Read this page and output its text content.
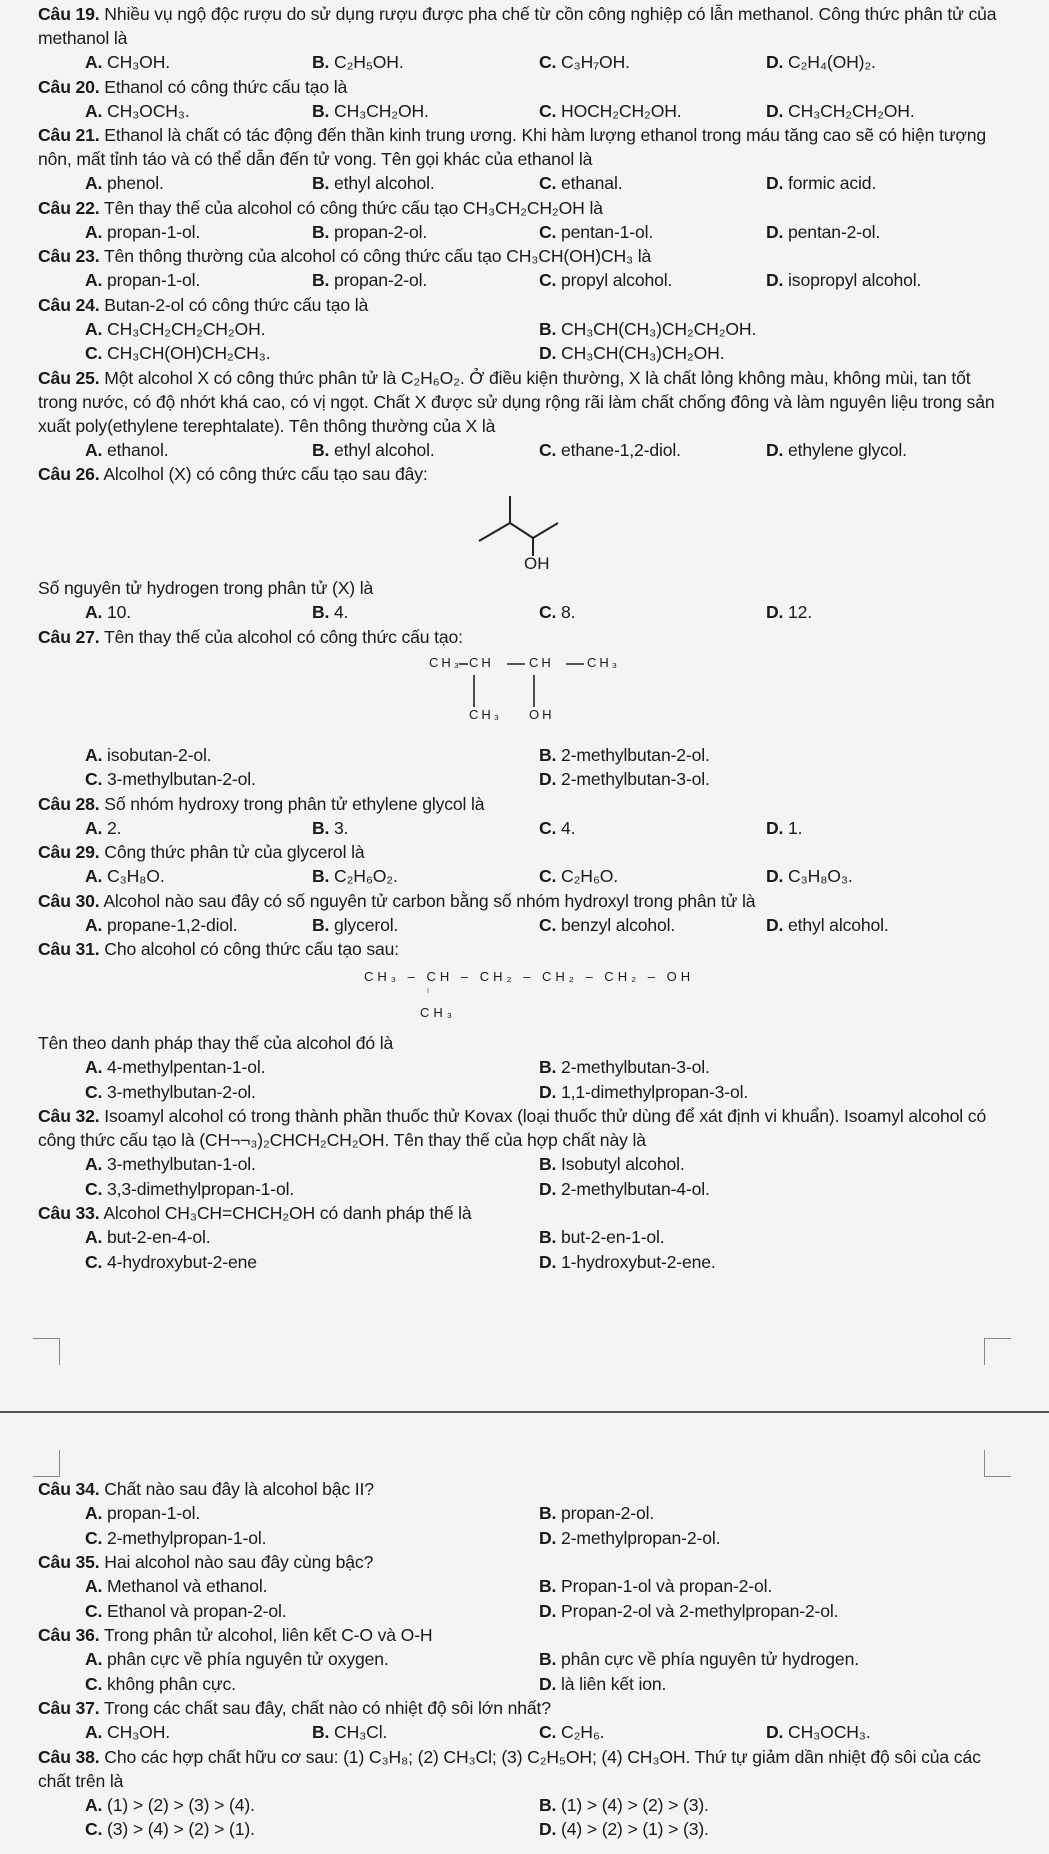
Câu 19. Nhiều vụ ngộ độc rượu do sử dụng rượu được pha chế từ cồn công nghiệp có lẫn methanol. Công thức phân tử của methanol là

A. CH₃OH.	B. C₂H₅OH.	C. C₃H₇OH.	D. C₂H₄(OH)₂.

Câu 20. Ethanol có công thức cấu tạo là

A. CH₃OCH₃.	B. CH₃CH₂OH.	C. HOCH₂CH₂OH.	D. CH₃CH₂CH₂OH.

Câu 21. Ethanol là chất có tác động đến thần kinh trung ương. Khi hàm lượng ethanol trong máu tăng cao sẽ có hiện tượng nôn, mất tỉnh táo và có thể dẫn đến tử vong. Tên gọi khác của ethanol là

A. phenol.	B. ethyl alcohol.	C. ethanal.	D. formic acid.

Câu 22. Tên thay thế của alcohol có công thức cấu tạo CH₃CH₂CH₂OH là

A. propan-1-ol.	B. propan-2-ol.	C. pentan-1-ol.	D. pentan-2-ol.

Câu 23. Tên thông thường của alcohol có công thức cấu tạo CH₃CH(OH)CH₃ là

A. propan-1-ol.	B. propan-2-ol.	C. propyl alcohol.	D. isopropyl alcohol.

Câu 24. Butan-2-ol có công thức cấu tạo là

A. CH₃CH₂CH₂CH₂OH.	B. CH₃CH(CH₃)CH₂CH₂OH.
C. CH₃CH(OH)CH₂CH₃.	D. CH₃CH(CH₃)CH₂OH.

Câu 25. Một alcohol X có công thức phân tử là C₂H₆O₂. Ở điều kiện thường, X là chất lỏng không màu, không mùi, tan tốt trong nước, có độ nhớt khá cao, có vị ngọt. Chất X được sử dụng rộng rãi làm chất chống đông và làm nguyên liệu trong sản xuất poly(ethylene terephtalate). Tên thông thường của X là

A. ethanol.	B. ethyl alcohol.	C. ethane-1,2-diol.	D. ethylene glycol.

Câu 26. Alcolhol (X) có công thức cấu tạo sau đây:

OH

Số nguyên tử hydrogen trong phân tử (X) là

A. 10.	B. 4.	C. 8.	D. 12.

Câu 27. Tên thay thế của alcohol có công thức cấu tạo:

CH₃ CH	CH	CH₃
CH₃ OH
A. isobutan-2-ol.	B. 2-methylbutan-2-ol.
C. 3-methylbutan-2-ol.	D. 2-methylbutan-3-ol.

Câu 28. Số nhóm hydroxy trong phân tử ethylene glycol là

A. 2.	B. 3.	C. 4.	D. 1.

Câu 29. Công thức phân tử của glycerol là

A. C₃H₈O.	B. C₂H₆O₂.	C. C₂H₆O.	D. C₃H₈O₃.

Câu 30. Alcohol nào sau đây có số nguyên tử carbon bằng số nhóm hydroxyl trong phân tử là

A. propane-1,2-diol.	B. glycerol.	C. benzyl alcohol.	D. ethyl alcohol.

Câu 31. Cho alcohol có công thức cấu tạo sau:

CH₃ – CH – CH₂ – CH₂ – CH₂ – OH
CH₃

Tên theo danh pháp thay thế của alcohol đó là

A. 4-methylpentan-1-ol.	B. 2-methylbutan-3-ol.
C. 3-methylbutan-2-ol.	D. 1,1-dimethylpropan-3-ol.

Câu 32. Isoamyl alcohol có trong thành phần thuốc thử Kovax (loại thuốc thử dùng để xát định vi khuẩn). Isoamyl alcohol có công thức cấu tạo là (CH¬¬₃)₂CHCH₂CH₂OH. Tên thay thế của hợp chất này là

A. 3-methylbutan-1-ol.	B. Isobutyl alcohol.
C. 3,3-dimethylpropan-1-ol.	D. 2-methylbutan-4-ol.

Câu 33. Alcohol CH₃CH=CHCH₂OH có danh pháp thế là

A. but-2-en-4-ol.	B. but-2-en-1-ol.
C. 4-hydroxybut-2-ene	D. 1-hydroxybut-2-ene.

Câu 34. Chất nào sau đây là alcohol bậc II?

A. propan-1-ol.	B. propan-2-ol.
C. 2-methylpropan-1-ol.	D. 2-methylpropan-2-ol.

Câu 35. Hai alcohol nào sau đây cùng bậc?

A. Methanol và ethanol.	B. Propan-1-ol và propan-2-ol.
C. Ethanol và propan-2-ol.	D. Propan-2-ol và 2-methylpropan-2-ol.

Câu 36. Trong phân tử alcohol, liên kết C-O và O-H

A. phân cực về phía nguyên tử oxygen.	B. phân cực về phía nguyên tử hydrogen.
C. không phân cực.	D. là liên kết ion.

Câu 37. Trong các chất sau đây, chất nào có nhiệt độ sôi lớn nhất?

A. CH₃OH.	B. CH₃Cl.	C. C₂H₆.	D. CH₃OCH₃.

Câu 38. Cho các hợp chất hữu cơ sau: (1) C₃H₈; (2) CH₃Cl; (3) C₂H₅OH; (4) CH₃OH. Thứ tự giảm dần nhiệt độ sôi của các chất trên là

A. (1) > (2) > (3) > (4).	B. (1) > (4) > (2) > (3).
C. (3) > (4) > (2) > (1).	D. (4) > (2) > (1) > (3).
